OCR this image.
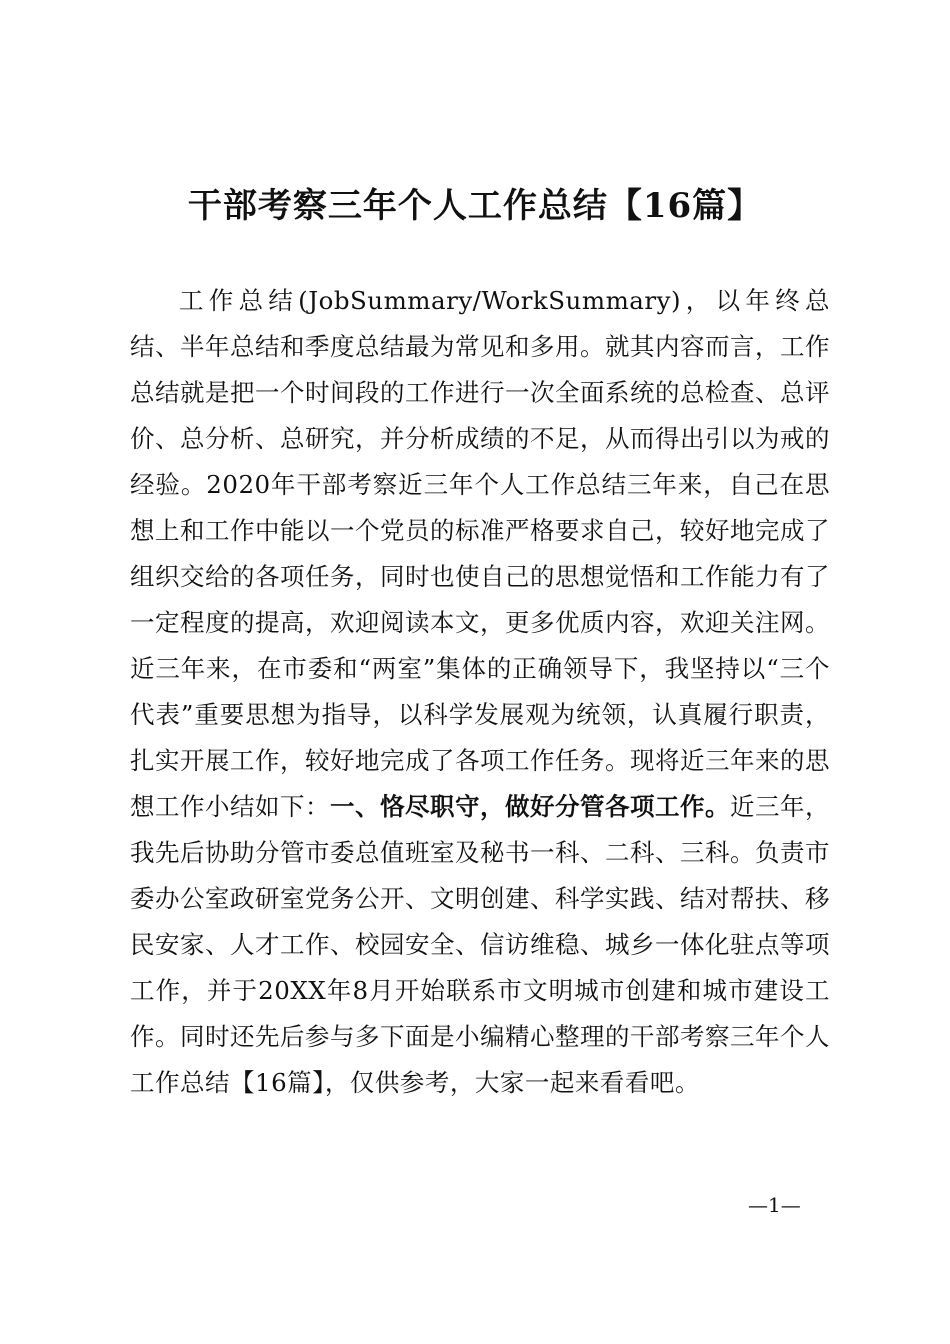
干部考察三年个人工作总结【16篇】

工作总结(JobSummary/WorkSummary)，以年终总结、半年总结和季度总结最为常见和多用。就其内容而言，工作总结就是把一个时间段的工作进行一次全面系统的总检查、总评价、总分析、总研究，并分析成绩的不足，从而得出引以为戒的经验。2020年干部考察近三年个人工作总结三年来，自己在思想上和工作中能以一个党员的标准严格要求自己，较好地完成了组织交给的各项任务，同时也使自己的思想觉悟和工作能力有了一定程度的提高，欢迎阅读本文，更多优质内容，欢迎关注网。近三年来，在市委和“两室”集体的正确领导下，我坚持以“三个代表”重要思想为指导，以科学发展观为统领，认真履行职责，扎实开展工作，较好地完成了各项工作任务。现将近三年来的思想工作小结如下：一、恪尽职守，做好分管各项工作。近三年，我先后协助分管市委总值班室及秘书一科、二科、三科。负责市委办公室政研室党务公开、文明创建、科学实践、结对帮扶、移民安家、人才工作、校园安全、信访维稳、城乡一体化驻点等项工作，并于20XX年8月开始联系市文明城市创建和城市建设工作。同时还先后参与多下面是小编精心整理的干部考察三年个人工作总结【16篇】，仅供参考，大家一起来看看吧。

—1—
